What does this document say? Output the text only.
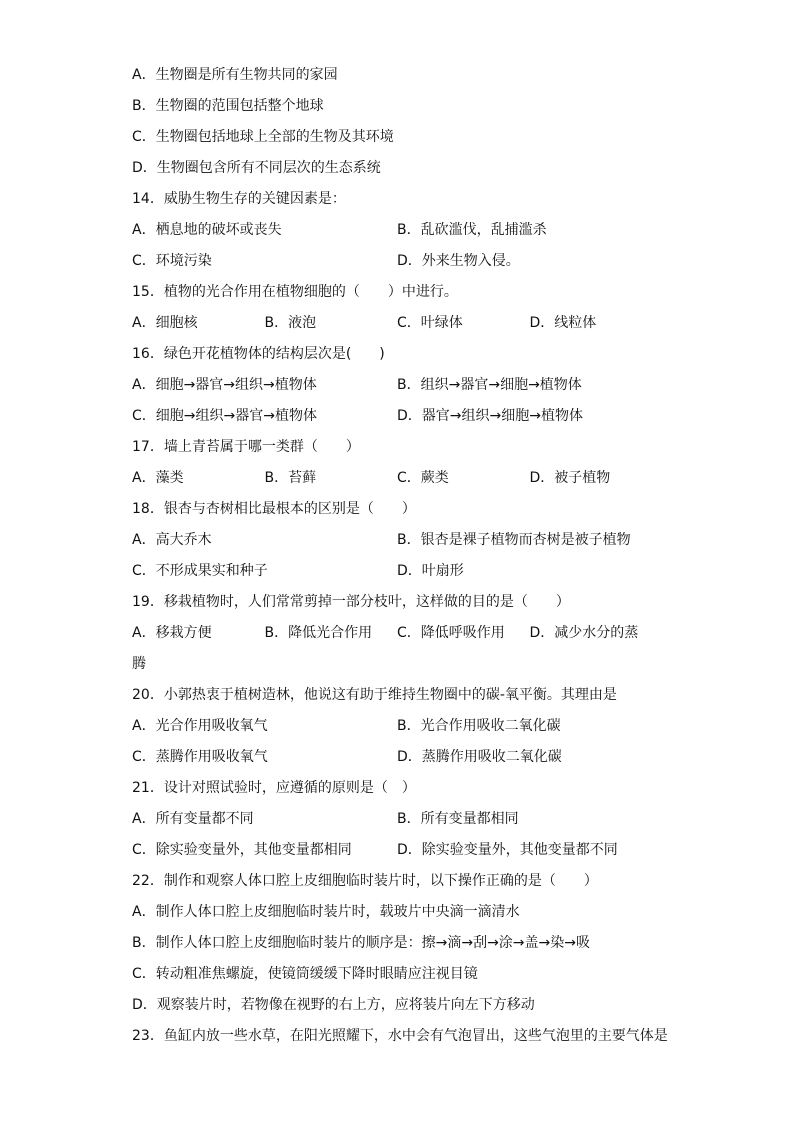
A．生物圈是所有生物共同的家园
B．生物圈的范围包括整个地球
C．生物圈包括地球上全部的生物及其环境
D．生物圈包含所有不同层次的生态系统
14．威胁生物生存的关键因素是：
A．栖息地的破坏或丧失	B．乱砍滥伐，乱捕滥杀
C．环境污染	D．外来生物入侵。
15．植物的光合作用在植物细胞的（　　）中进行。
A．细胞核	B．液泡	C．叶绿体	D．线粒体
16．绿色开花植物体的结构层次是(　　)
A．细胞→器官→组织→植物体	B．组织→器官→细胞→植物体
C．细胞→组织→器官→植物体	D．器官→组织→细胞→植物体
17．墙上青苔属于哪一类群（　　）
A．藻类	B．苔藓	C．蕨类	D．被子植物
18．银杏与杏树相比最根本的区别是（　　）
A．高大乔木	B．银杏是裸子植物而杏树是被子植物
C．不形成果实和种子	D．叶扇形
19．移栽植物时，人们常常剪掉一部分枝叶，这样做的目的是（　　）
A．移栽方便	B．降低光合作用	C．降低呼吸作用	D．减少水分的蒸
腾
20．小郭热衷于植树造林，他说这有助于维持生物圈中的碳-氧平衡。其理由是
A．光合作用吸收氧气	B．光合作用吸收二氧化碳
C．蒸腾作用吸收氧气	D．蒸腾作用吸收二氧化碳
21．设计对照试验时，应遵循的原则是（　）
A．所有变量都不同	B．所有变量都相同
C．除实验变量外，其他变量都相同	D．除实验变量外，其他变量都不同
22．制作和观察人体口腔上皮细胞临时装片时，以下操作正确的是（　　）
A．制作人体口腔上皮细胞临时装片时，载玻片中央滴一滴清水
B．制作人体口腔上皮细胞临时装片的顺序是：擦→滴→刮→涂→盖→染→吸
C．转动粗准焦螺旋，使镜筒缓缓下降时眼睛应注视目镜
D．观察装片时，若物像在视野的右上方，应将装片向左下方移动
23．鱼缸内放一些水草，在阳光照耀下，水中会有气泡冒出，这些气泡里的主要气体是
